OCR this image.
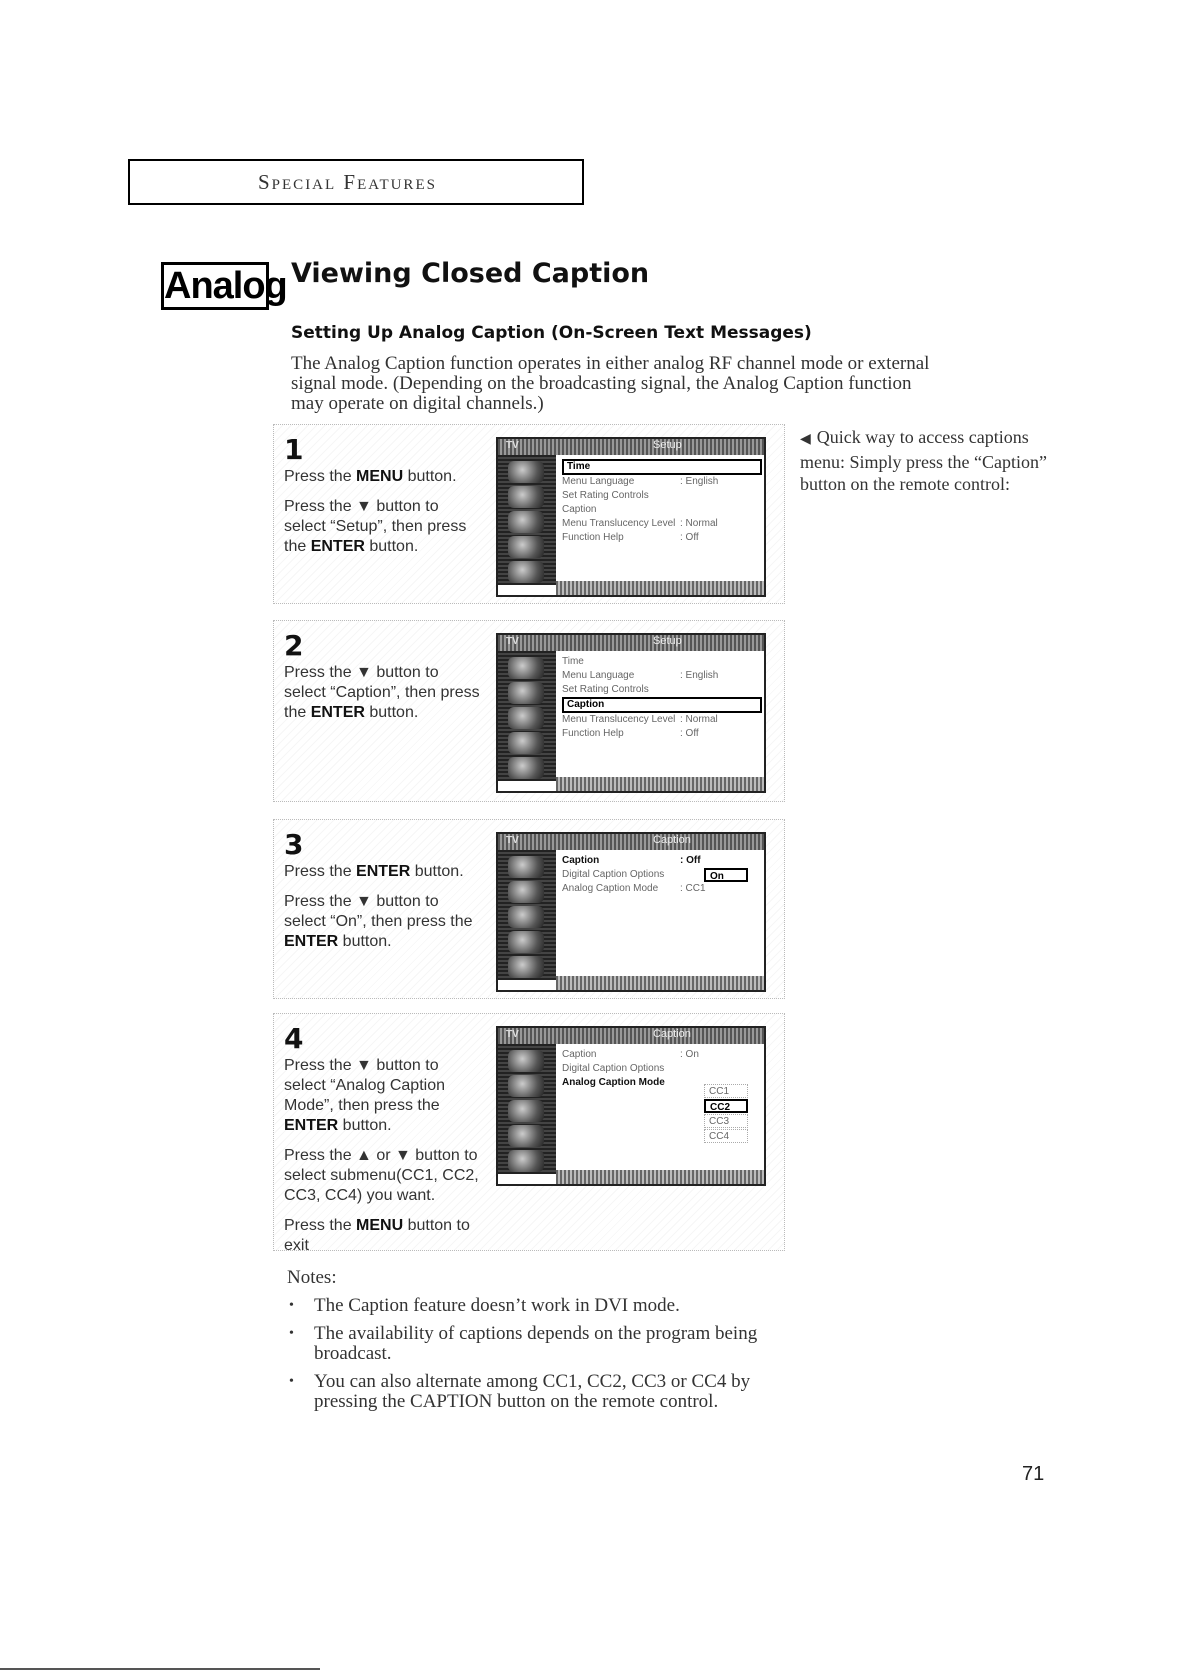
Special Features
Analog Viewing Closed Caption
Setting Up Analog Caption (On-Screen Text Messages)

The Analog Caption function operates in either analog RF channel mode or external

signal mode. (Depending on the broadcasting signal, the Analog Caption function

may operate on digital channels.)

◀ Quick way to access captions menu: Simply press the “Caption” button on the remote control:
1

Press the MENU button.

Press the ▼ button to select “Setup”, then press the ENTER button.

TV	Setup
Time
Menu Language	: English
Set Rating Controls
Caption
Menu Translucency Level : Normal
Function Help	: Off
2

Press the ▼ button to select “Caption”, then press the ENTER button.

TV	Setup
Time
Menu Language	: English
Set Rating Controls
Caption
Menu Translucency Level : Normal
Function Help	: Off
3

Press the ENTER button.

Press the ▼ button to select “On”, then press the ENTER button.

TV	Caption
Caption	: Off
Digital Caption Options
Analog Caption Mode : CC1
On
4

Press the ▼ button to select “Analog Caption Mode”, then press the ENTER button.

Press the ▲ or ▼ button to select submenu(CC1, CC2, CC3, CC4) you want.

Press the MENU button to exit

TV	Caption
Caption	: On
Digital Caption Options
Analog Caption Mode
CC1
CC2
CC3
CC4

Notes:

• The Caption feature doesn’t work in DVI mode.
• The availability of captions depends on the program being broadcast.
• You can also alternate among CC1, CC2, CC3 or CC4 by pressing the CAPTION button on the remote control.
71
